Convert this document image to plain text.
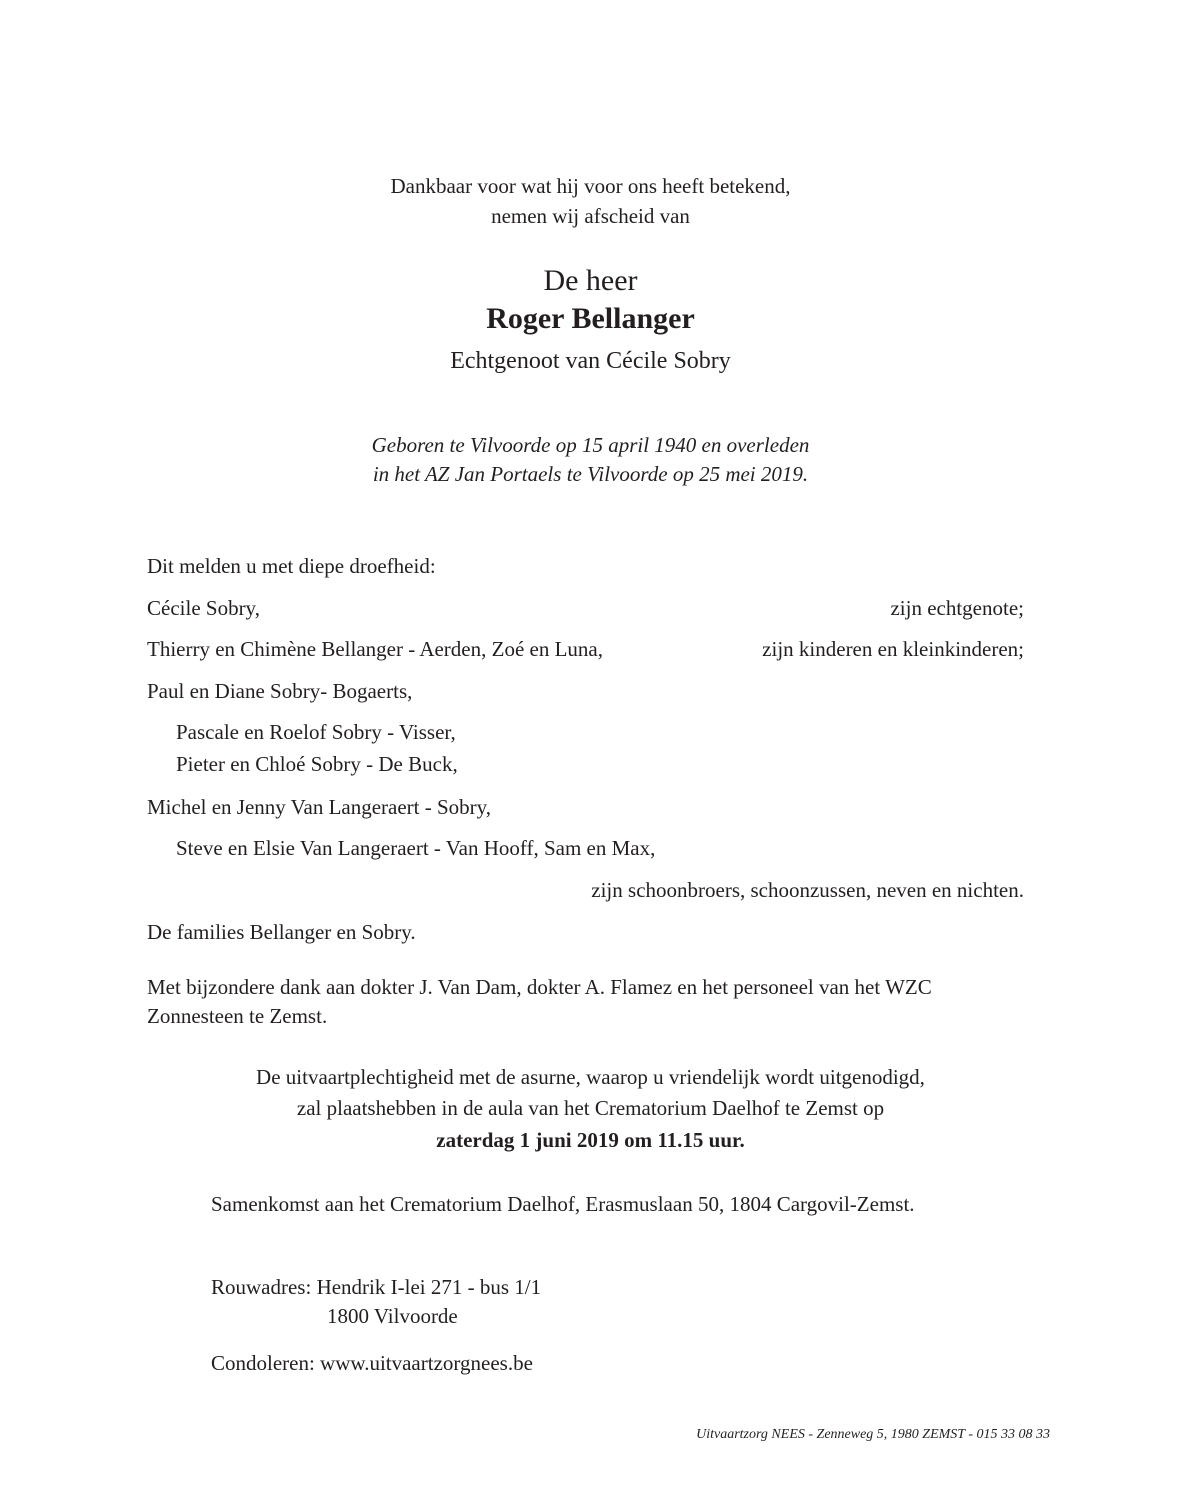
Dankbaar voor wat hij voor ons heeft betekend,
nemen wij afscheid van
De heer
Roger Bellanger
Echtgenoot van Cécile Sobry
Geboren te Vilvoorde op 15 april 1940 en overleden
in het AZ Jan Portaels te Vilvoorde op 25 mei 2019.
Dit melden u met diepe droefheid:
Cécile Sobry,	zijn echtgenote;
Thierry en Chimène Bellanger - Aerden, Zoé en Luna,	zijn kinderen en kleinkinderen;
Paul en Diane Sobry- Bogaerts,
Pascale en Roelof Sobry - Visser,
Pieter en Chloé Sobry - De Buck,
Michel en Jenny Van Langeraert - Sobry,
Steve en Elsie Van Langeraert - Van Hooff, Sam en Max,
zijn schoonbroers, schoonzussen, neven en nichten.
De families Bellanger en Sobry.
Met bijzondere dank aan dokter J. Van Dam, dokter A. Flamez en het personeel van het WZC
Zonnesteen te Zemst.
De uitvaartplechtigheid met de asurne, waarop u vriendelijk wordt uitgenodigd,
zal plaatshebben in de aula van het Crematorium Daelhof te Zemst op
zaterdag 1 juni 2019 om 11.15 uur.
Samenkomst aan het Crematorium Daelhof, Erasmuslaan 50, 1804 Cargovil-Zemst.
Rouwadres: Hendrik I-lei 271 - bus 1/1
1800 Vilvoorde
Condoleren: www.uitvaartzorgnees.be
Uitvaartzorg NEES - Zenneweg 5, 1980 ZEMST - 015 33 08 33
